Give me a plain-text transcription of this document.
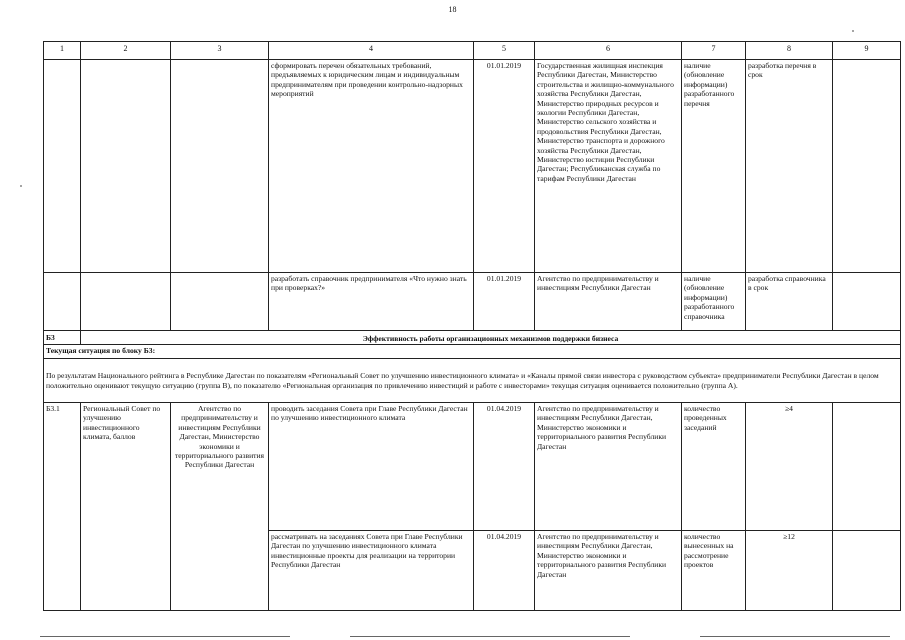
18
1	2	3	4	5	6	7	8	9
			сформировать перечен обязательных требований, предъявляемых к юридическим лицам и индивидуальным предпринимателям при проведении контрольно-надзорных мероприятий	01.01.2019	Государственная жилищная инспекция Республики Дагестан, Министерство строительства и жилищно-коммунального хозяйства Республики Дагестан, Министерство природных ресурсов и экологии Республики Дагестан, Министерство сельского хозяйства и продовольствия Республики Дагестан, Министерство транспорта и дорожного хозяйства Республики Дагестан, Министерство юстиции Республики Дагестан; Республиканская служба по тарифам Республики Дагестан	наличие (обновление информации) разработанного перечня	разработка перечня в срок	
			разработать справочник предпринимателя «Что нужно знать при проверках?»	01.01.2019	Агентство по предпринимательству и инвестициям Республики Дагестан	наличие (обновление информации) разработанного справочника	разработка справочника в срок	
Б3	Эффективность работы организационных механизмов поддержки бизнеса							
Текущая ситуация по блоку Б3:								
По результатам Национального рейтинга в Республике Дагестан по показателям «Региональный Совет по улучшению инвестиционного климата» и «Каналы прямой связи инвестора с руководством субъекта» предприниматели Республики Дагестан в целом положительно оценивают текущую ситуацию (группа В), по показателю «Региональная организация по привлечению инвестиций и работе с инвесторами» текущая ситуация оценивается положительно (группа А).								
Б3.1	Региональный Совет по улучшению инвестиционного климата, баллов	Агентство по предпринимательству и инвестициям Республики Дагестан, Министерство экономики и территориального развития Республики Дагестан	проводить заседания Совета при Главе Республики Дагестан по улучшению инвестиционного климата	01.04.2019	Агентство по предпринимательству и инвестициям Республики Дагестан, Министерство экономики и территориального развития Республики Дагестан	количество проведенных заседаний	≥4	
			рассматривать на заседаниях Совета при Главе Республики Дагестан по улучшению инвестиционного климата инвестиционные проекты для реализации на территории Республики Дагестан	01.04.2019	Агентство по предпринимательству и инвестициям Республики Дагестан, Министерство экономики и территориального развития Республики Дагестан	количество вынесенных на рассмотрение проектов	≥12	
